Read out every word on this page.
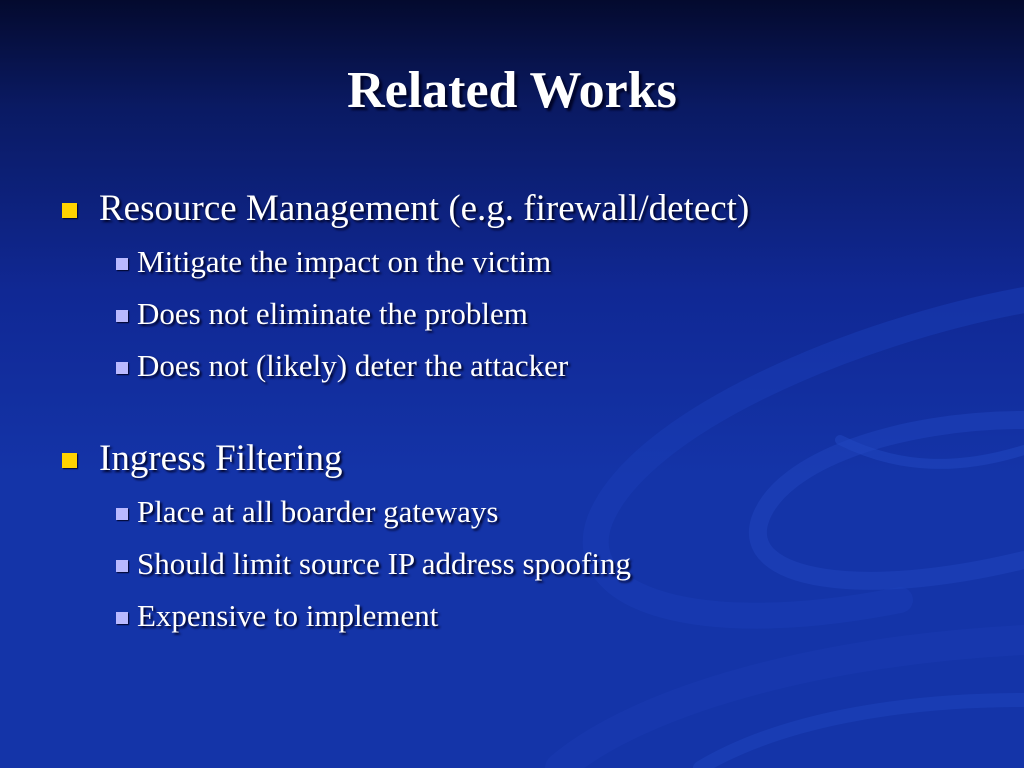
Related Works
Resource Management (e.g. firewall/detect)
Mitigate the impact on the victim
Does not eliminate the problem
Does not (likely) deter the attacker
Ingress Filtering
Place at all boarder gateways
Should limit source IP address spoofing
Expensive to implement
